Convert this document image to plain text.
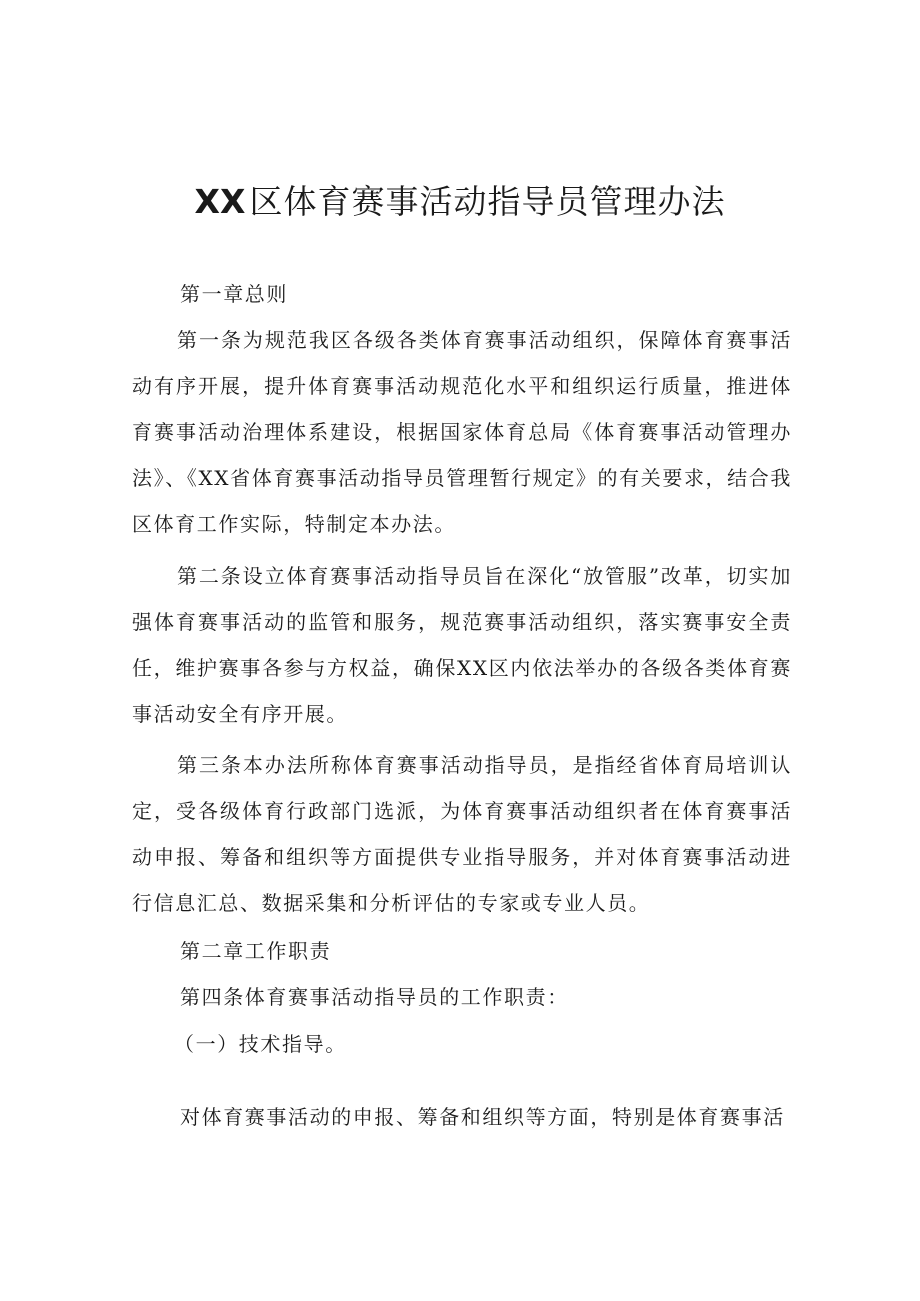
XX 区体育赛事活动指导员管理办法

第一章总则

第一条为规范我区各级各类体育赛事活动组织，保障体育赛事活动有序开展，提升体育赛事活动规范化水平和组织运行质量，推进体育赛事活动治理体系建设，根据国家体育总局《体育赛事活动管理办法》、《XX省体育赛事活动指导员管理暂行规定》的有关要求，结合我区体育工作实际，特制定本办法。

第二条设立体育赛事活动指导员旨在深化“放管服”改革，切实加强体育赛事活动的监管和服务，规范赛事活动组织，落实赛事安全责任，维护赛事各参与方权益，确保XX区内依法举办的各级各类体育赛事活动安全有序开展。

第三条本办法所称体育赛事活动指导员，是指经省体育局培训认定，受各级体育行政部门选派，为体育赛事活动组织者在体育赛事活动申报、筹备和组织等方面提供专业指导服务，并对体育赛事活动进行信息汇总、数据采集和分析评估的专家或专业人员。

第二章工作职责

第四条体育赛事活动指导员的工作职责：

（一）技术指导。

对体育赛事活动的申报、筹备和组织等方面，特别是体育赛事活
